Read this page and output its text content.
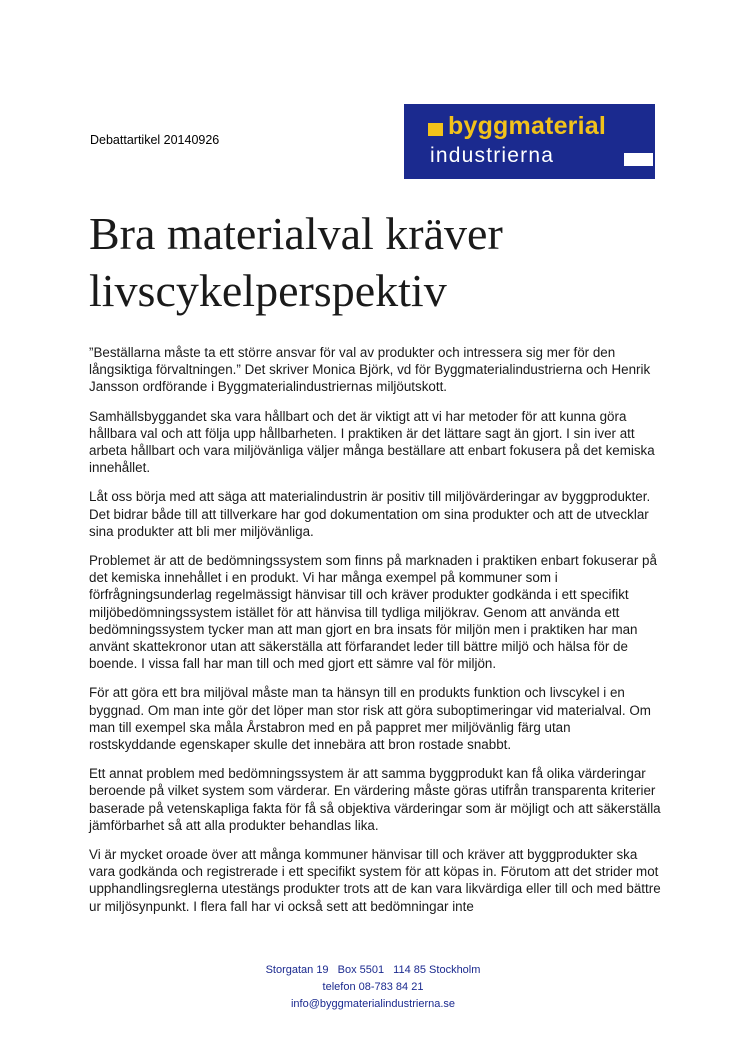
Debattartikel 20140926	byggmaterial
industrierna
Bra materialval kräver livscykelperspektiv

”Beställarna måste ta ett större ansvar för val av produkter och intressera sig mer för den långsiktiga förvaltningen.” Det skriver Monica Björk, vd för Byggmaterialindustrierna och Henrik Jansson ordförande i Byggmaterialindustriernas miljöutskott.

Samhällsbyggandet ska vara hållbart och det är viktigt att vi har metoder för att kunna göra hållbara val och att följa upp hållbarheten. I praktiken är det lättare sagt än gjort. I sin iver att arbeta hållbart och vara miljövänliga väljer många beställare att enbart fokusera på det kemiska innehållet.

Låt oss börja med att säga att materialindustrin är positiv till miljövärderingar av byggprodukter. Det bidrar både till att tillverkare har god dokumentation om sina produkter och att de utvecklar sina produkter att bli mer miljövänliga.

Problemet är att de bedömningssystem som finns på marknaden i praktiken enbart fokuserar på det kemiska innehållet i en produkt. Vi har många exempel på kommuner som i förfrågningsunderlag regelmässigt hänvisar till och kräver produkter godkända i ett specifikt miljöbedömningssystem istället för att hänvisa till tydliga miljökrav. Genom att använda ett bedömningssystem tycker man att man gjort en bra insats för miljön men i praktiken har man använt skattekronor utan att säkerställa att förfarandet leder till bättre miljö och hälsa för de boende. I vissa fall har man till och med gjort ett sämre val för miljön.

För att göra ett bra miljöval måste man ta hänsyn till en produkts funktion och livscykel i en byggnad. Om man inte gör det löper man stor risk att göra suboptimeringar vid materialval. Om man till exempel ska måla Årstabron med en på pappret mer miljövänlig färg utan rostskyddande egenskaper skulle det innebära att bron rostade snabbt.

Ett annat problem med bedömningssystem är att samma byggprodukt kan få olika värderingar beroende på vilket system som värderar. En värdering måste göras utifrån transparenta kriterier baserade på vetenskapliga fakta för få så objektiva värderingar som är möjligt och att säkerställa jämförbarhet så att alla produkter behandlas lika.

Vi är mycket oroade över att många kommuner hänvisar till och kräver att byggprodukter ska vara godkända och registrerade i ett specifikt system för att köpas in. Förutom att det strider mot upphandlingsreglerna utestängs produkter trots att de kan vara likvärdiga eller till och med bättre ur miljösynpunkt. I flera fall har vi också sett att bedömningar inte

Storgatan 19 Box 5501 114 85 Stockholm
telefon 08-783 84 21
info@byggmaterialindustrierna.se
